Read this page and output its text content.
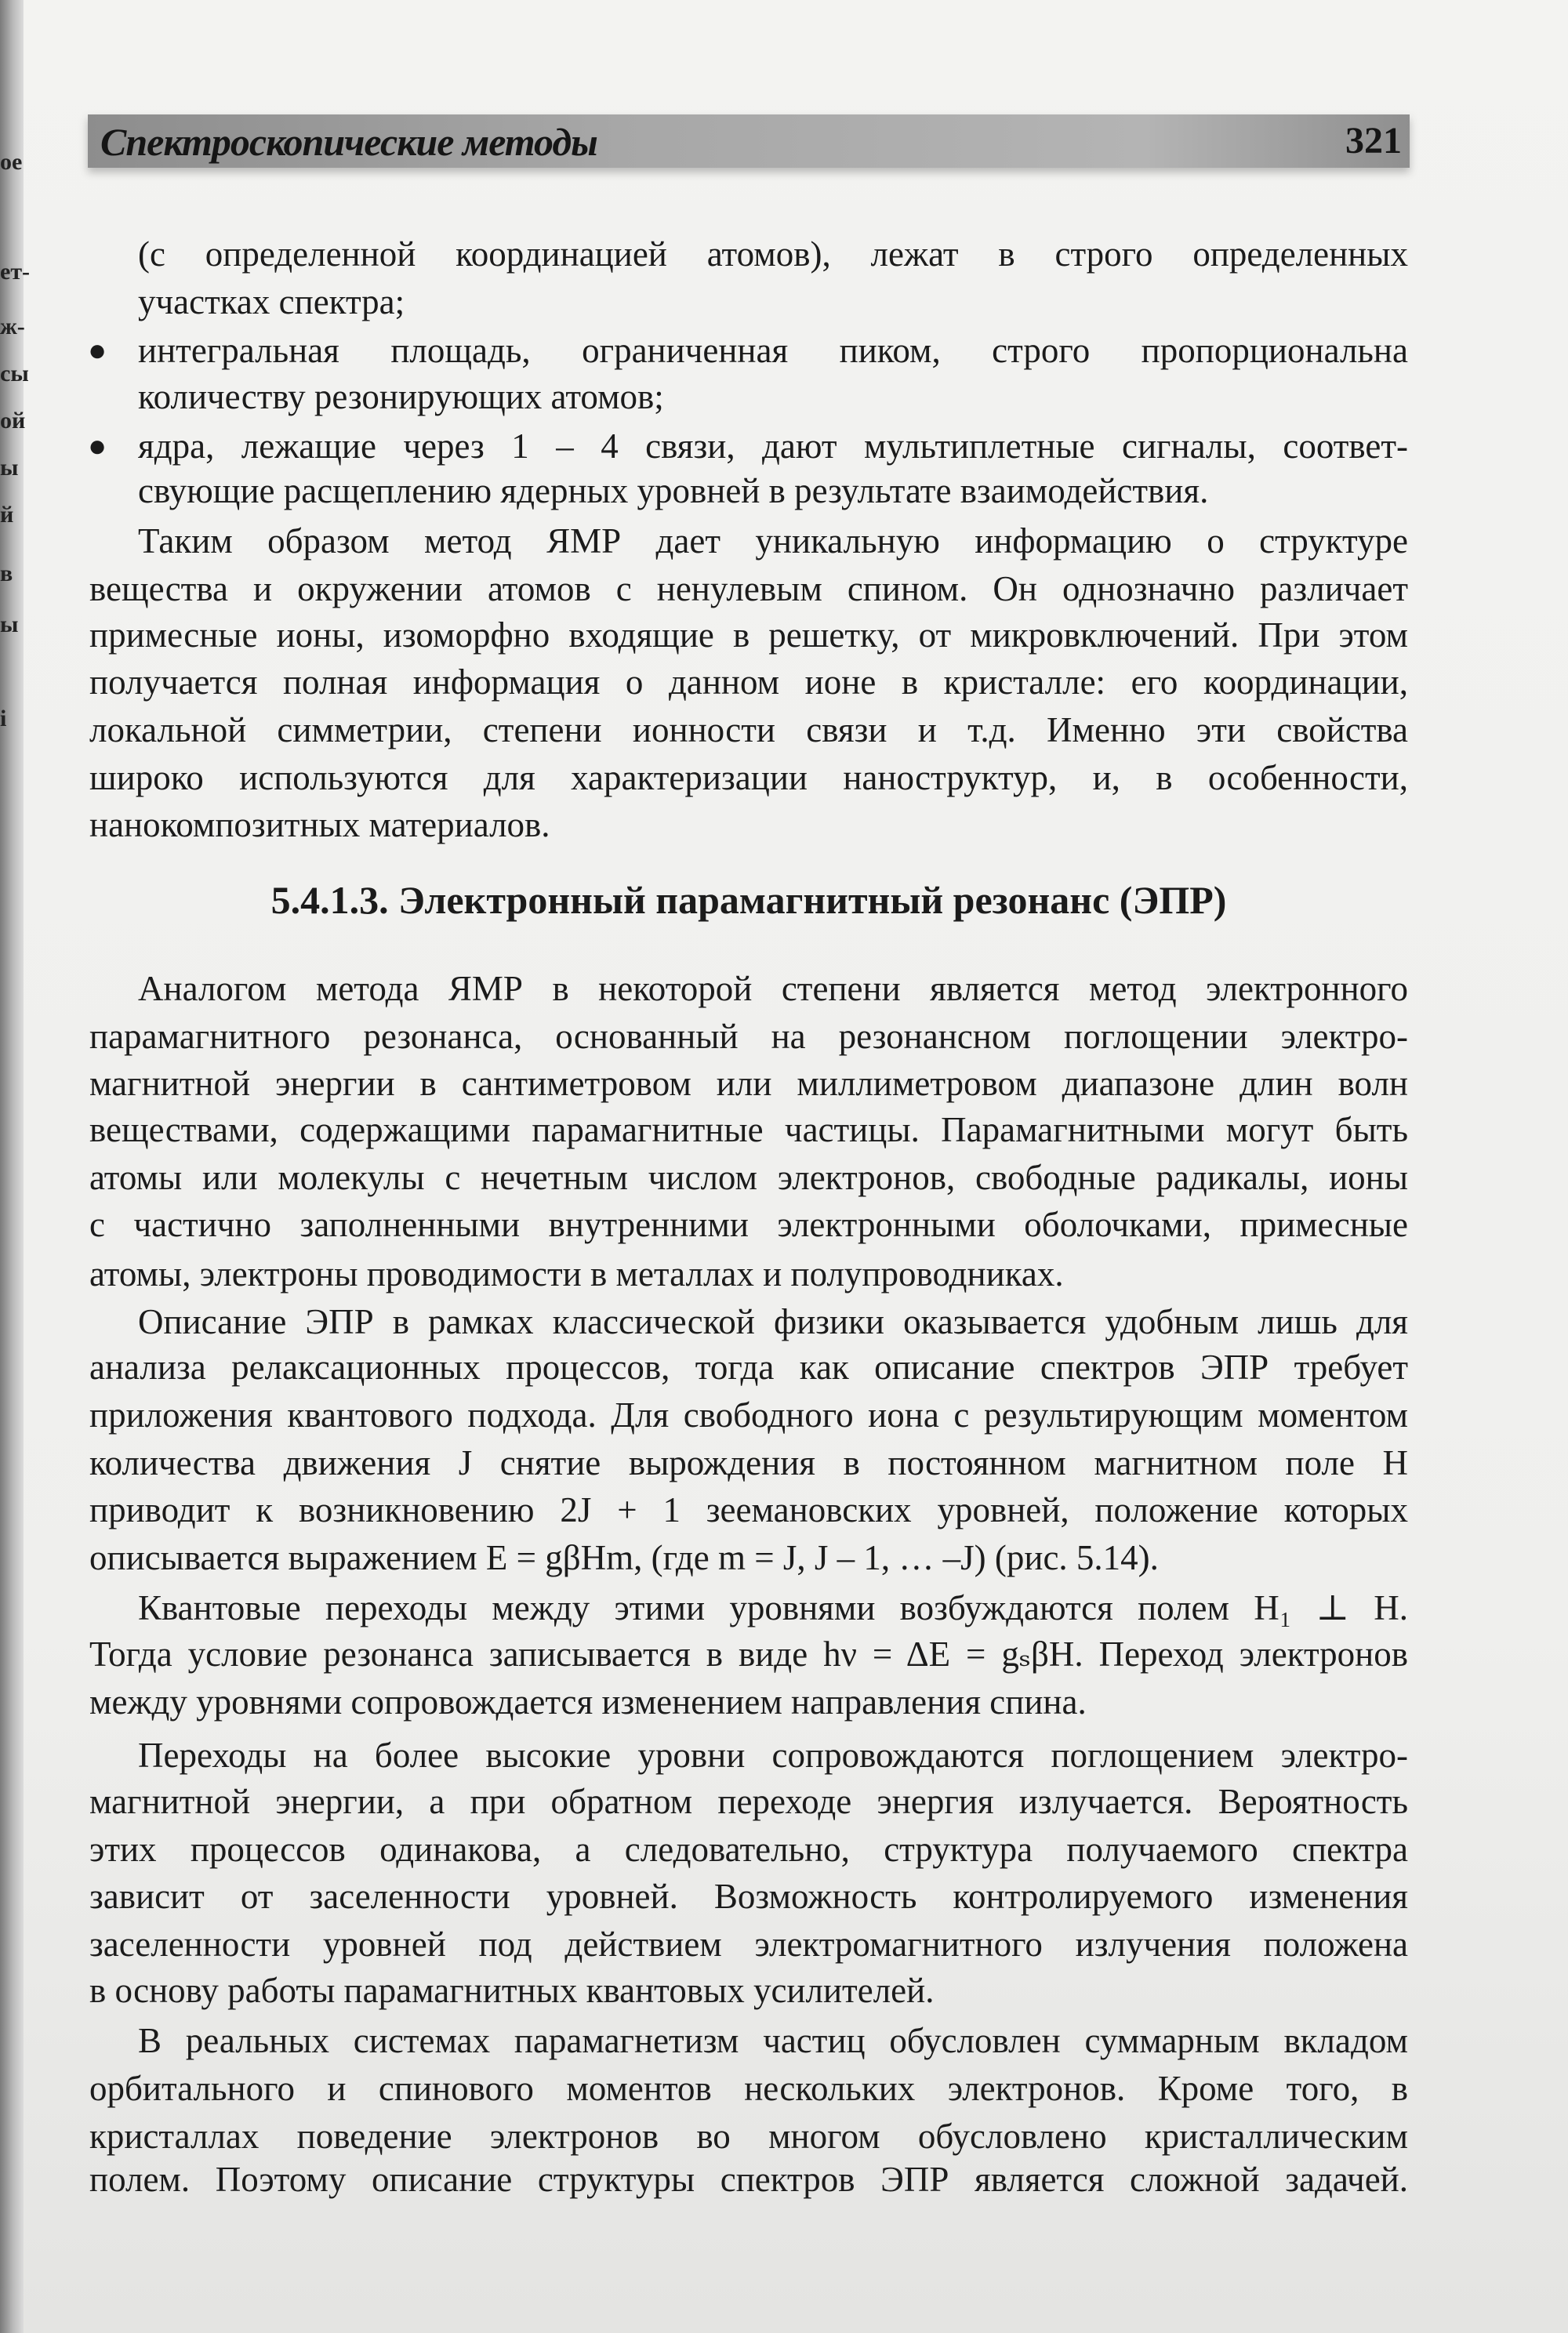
ое
ет-
ж-
сы
ой
ы
й
в
ы
і
Спектроскопические методы	321
(с определенной координацией атомов), лежат в строго определенных
участках спектра;
интегральная площадь, ограниченная пиком, строго пропорциональна
●
количеству резонирующих атомов;
ядра, лежащие через 1 – 4 связи, дают мультиплетные сигналы, соответ-
●
свующие расщеплению ядерных уровней в результате взаимодействия.
Таким образом метод ЯМР дает уникальную информацию о структуре
вещества и окружении атомов с ненулевым спином. Он однозначно различает
примесные ионы, изоморфно входящие в решетку, от микровключений. При этом
получается полная информация о данном ионе в кристалле: его координации,
локальной симметрии, степени ионности связи и т.д. Именно эти свойства
широко используются для характеризации наноструктур, и, в особенности,
нанокомпозитных материалов.
5.4.1.3. Электронный парамагнитный резонанс (ЭПР)
Аналогом метода ЯМР в некоторой степени является метод электронного
парамагнитного резонанса, основанный на резонансном поглощении электро-
магнитной энергии в сантиметровом или миллиметровом диапазоне длин волн
веществами, содержащими парамагнитные частицы. Парамагнитными могут быть
атомы или молекулы с нечетным числом электронов, свободные радикалы, ионы
с частично заполненными внутренними электронными оболочками, примесные
атомы, электроны проводимости в металлах и полупроводниках.
Описание ЭПР в рамках классической физики оказывается удобным лишь для
анализа релаксационных процессов, тогда как описание спектров ЭПР требует
приложения квантового подхода. Для свободного иона с результирующим моментом
количества движения J снятие вырождения в постоянном магнитном поле H
приводит к возникновению 2J + 1 зеемановских уровней, положение которых
описывается выражением E = gβHm, (где m = J, J – 1, … –J) (рис. 5.14).
Квантовые переходы между этими уровнями возбуждаются полем H₁ ⊥ H.
Тогда условие резонанса записывается в виде hν = ΔE = gₛβH. Переход электронов
между уровнями сопровождается изменением направления спина.
Переходы на более высокие уровни сопровождаются поглощением электро-
магнитной энергии, а при обратном переходе энергия излучается. Вероятность
этих процессов одинакова, а следовательно, структура получаемого спектра
зависит от заселенности уровней. Возможность контролируемого изменения
заселенности уровней под действием электромагнитного излучения положена
в основу работы парамагнитных квантовых усилителей.
В реальных системах парамагнетизм частиц обусловлен суммарным вкладом
орбитального и спинового моментов нескольких электронов. Кроме того, в
кристаллах поведение электронов во многом обусловлено кристаллическим
полем. Поэтому описание структуры спектров ЭПР является сложной задачей.
